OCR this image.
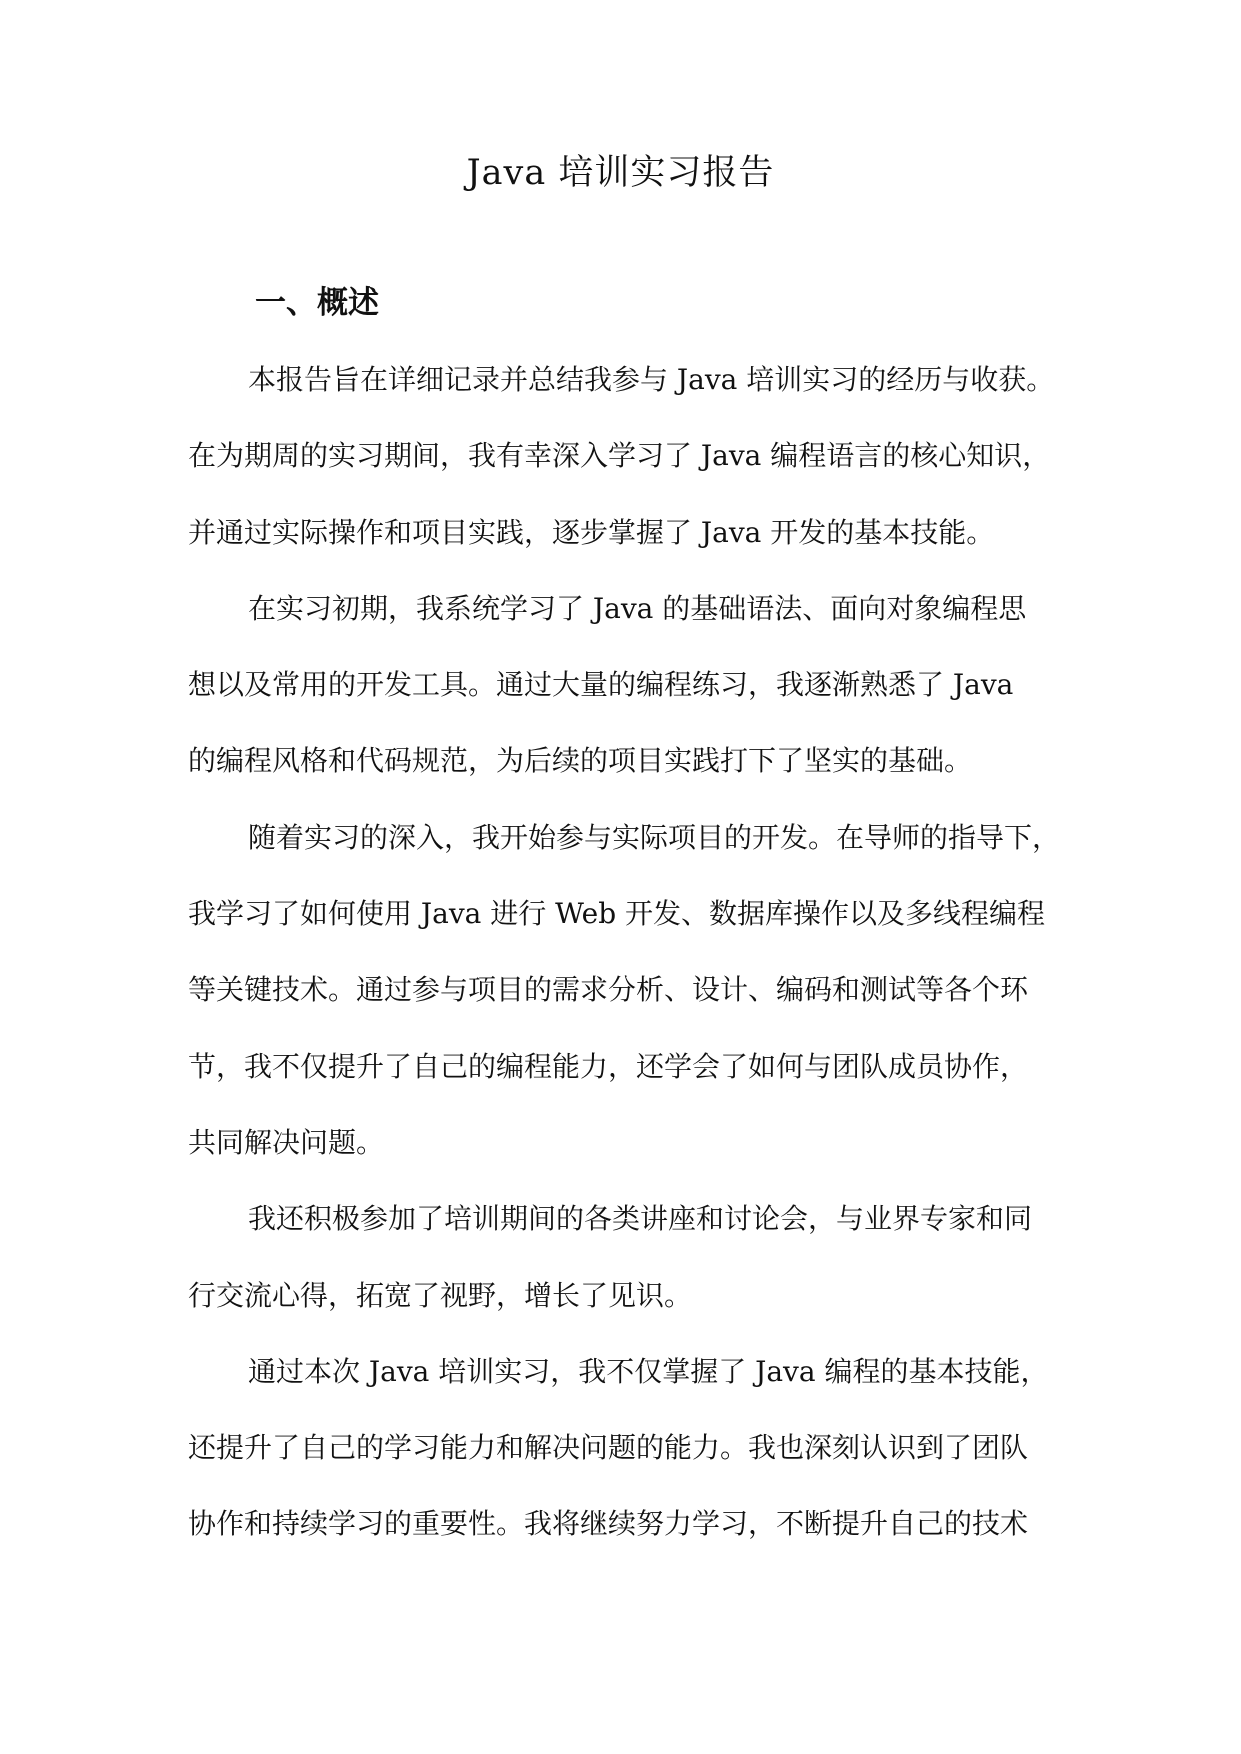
Java 培训实习报告
一、概述
本报告旨在详细记录并总结我参与 Java 培训实习的经历与收获。
在为期周的实习期间，我有幸深入学习了 Java 编程语言的核心知识，
并通过实际操作和项目实践，逐步掌握了 Java 开发的基本技能。
在实习初期，我系统学习了 Java 的基础语法、面向对象编程思
想以及常用的开发工具。通过大量的编程练习，我逐渐熟悉了 Java
的编程风格和代码规范，为后续的项目实践打下了坚实的基础。
随着实习的深入，我开始参与实际项目的开发。在导师的指导下，
我学习了如何使用 Java 进行 Web 开发、数据库操作以及多线程编程
等关键技术。通过参与项目的需求分析、设计、编码和测试等各个环
节，我不仅提升了自己的编程能力，还学会了如何与团队成员协作，
共同解决问题。
我还积极参加了培训期间的各类讲座和讨论会，与业界专家和同
行交流心得，拓宽了视野，增长了见识。
通过本次 Java 培训实习，我不仅掌握了 Java 编程的基本技能，
还提升了自己的学习能力和解决问题的能力。我也深刻认识到了团队
协作和持续学习的重要性。我将继续努力学习，不断提升自己的技术
